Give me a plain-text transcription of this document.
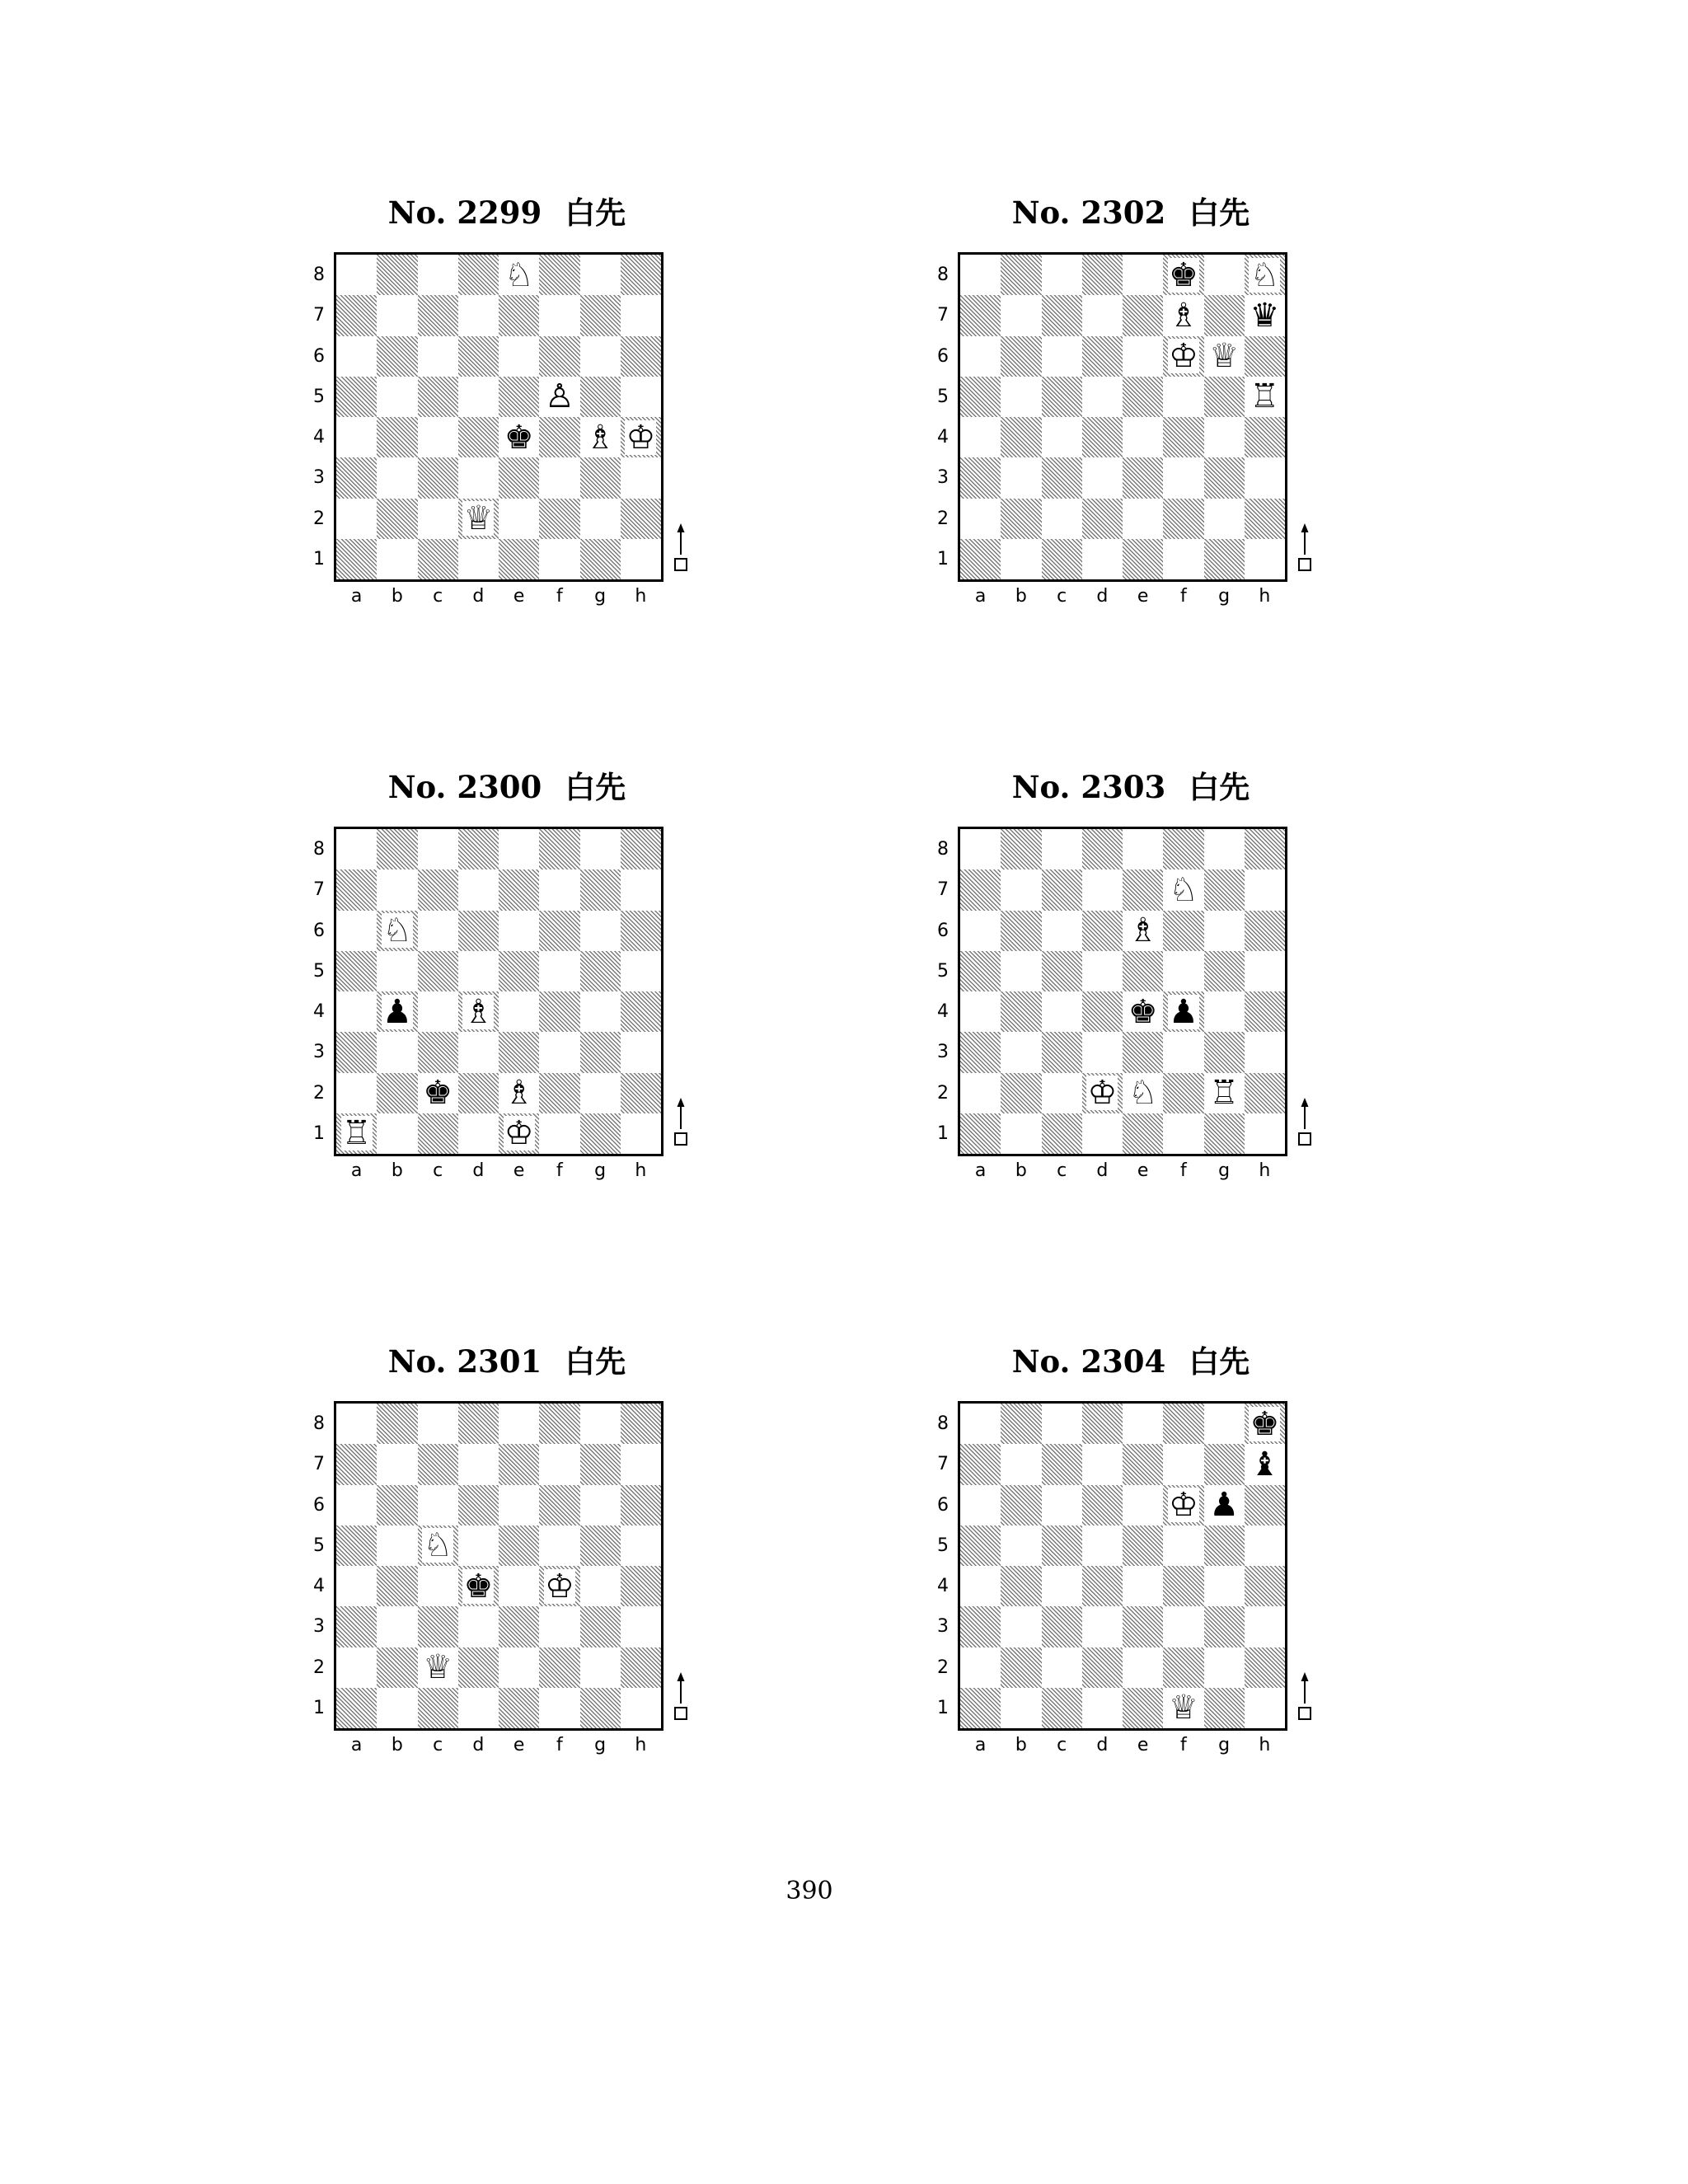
No. 2299 白先
♘
♙
♚ ♗ ♔
♕
8
7
6
5
4
3
2
1
a	b	c	d	e	f	g	h
No. 2300 白先
♘
♟ ♗
♚ ♗
♖	♔
8
7
6
5
4
3
2
1
a	b	c	d	e	f	g	h
No. 2301 白先
♘
♚ ♔
♕
8
7
6
5
4
3
2
1
a	b	c	d	e	f	g	h
No. 2302 白先
♚ ♘
♗ ♛
♔ ♕
♖
8
7
6
5
4
3
2
1
a	b	c	d	e	f	g	h
No. 2303 白先
♘
♗
♚ ♟
♔ ♘ ♖
8
7
6
5
4
3
2
1
a	b	c	d	e	f	g	h
No. 2304 白先
♚
♝
♔ ♟
♕
8
7
6
5
4
3
2
1
a	b	c	d	e	f	g	h
390
